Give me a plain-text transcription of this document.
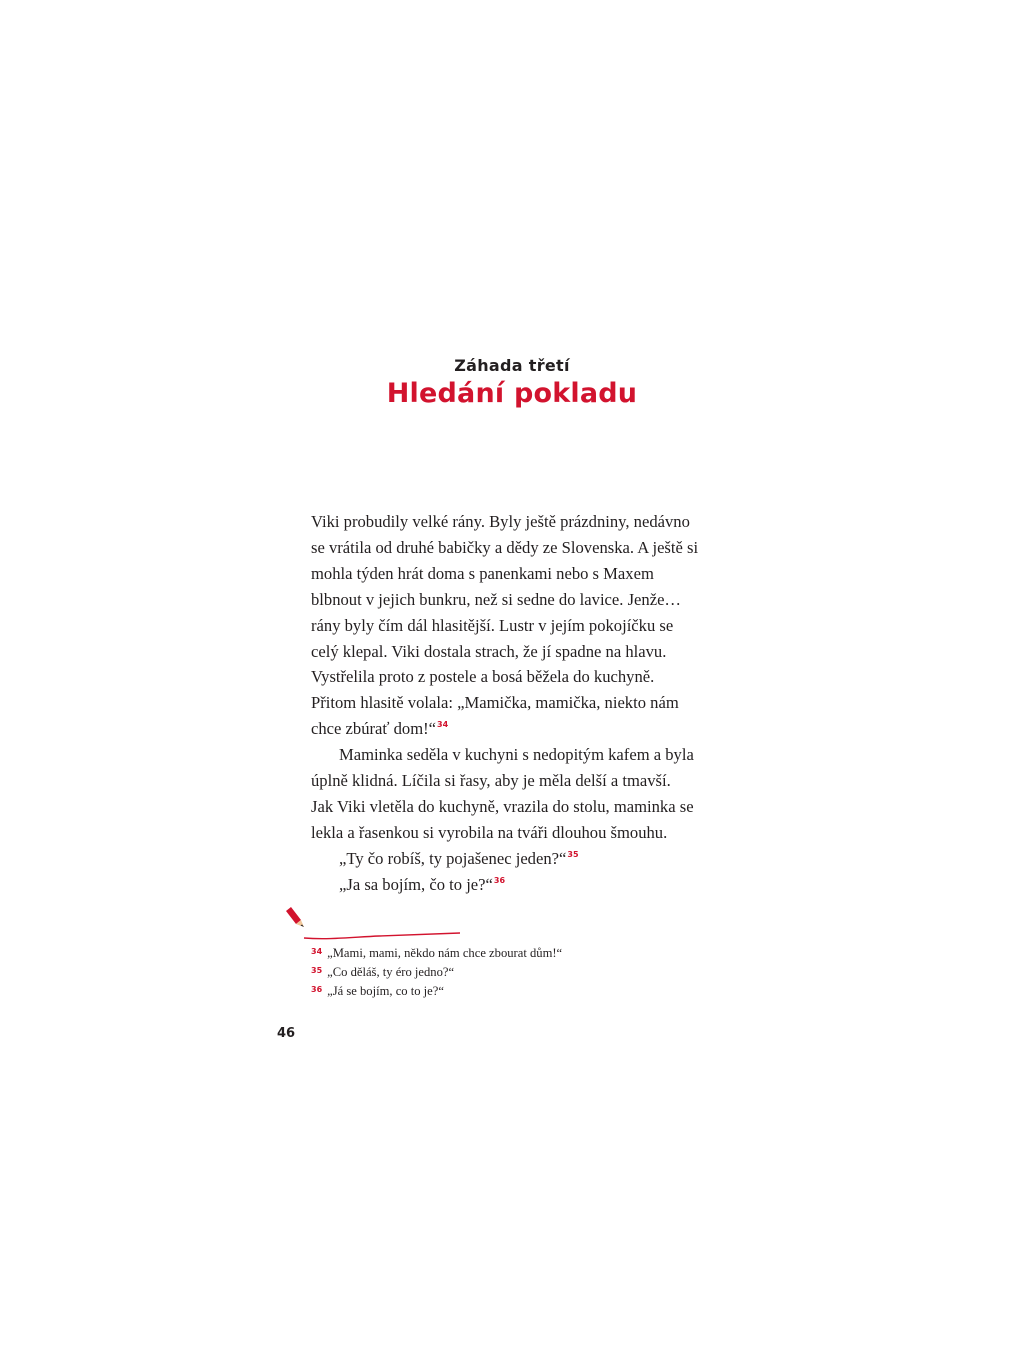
Záhada třetí
Hledání pokladu
Viki probudily velké rány. Byly ještě prázdniny, nedávno
se vrátila od druhé babičky a dědy ze Slovenska. A ještě si
mohla týden hrát doma s panenkami nebo s Maxem
blbnout v jejich bunkru, než si sedne do lavice. Jenže…
rány byly čím dál hlasitější. Lustr v jejím pokojíčku se
celý klepal. Viki dostala strach, že jí spadne na hlavu.
Vystřelila proto z postele a bosá běžela do kuchyně.
Přitom hlasitě volala: „Mamička, mamička, niekto nám
chce zbúrať dom!“$^{34}$
Maminka seděla v kuchyni s nedopitým kafem a byla
úplně klidná. Líčila si řasy, aby je měla delší a tmavší.
Jak Viki vletěla do kuchyně, vrazila do stolu, maminka se
lekla a řasenkou si vyrobila na tváři dlouhou šmouhu.
„Ty čo robíš, ty pojašenec jeden?“$^{35}$
„Ja sa bojím, čo to je?“$^{36}$
$^{34}$ „Mami, mami, někdo nám chce zbourat dům!“
$^{35}$ „Co děláš, ty éro jedno?“
$^{36}$ „Já se bojím, co to je?“
46
